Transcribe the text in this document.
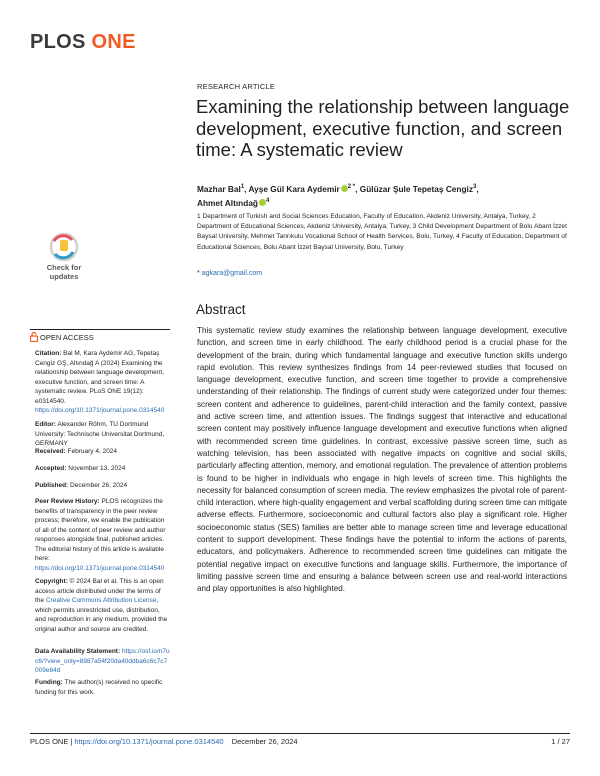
PLOS ONE
RESEARCH ARTICLE
Examining the relationship between language development, executive function, and screen time: A systematic review
Mazhar Bal$^1$, Ayşe Gül Kara Aydemir $^{2 *}$, Gülüzar Şule Tepetaş Cengiz$^3$,
Ahmet Altındağ $^4$
1 Department of Turkish and Social Sciences Education, Faculty of Education, Akdeniz University, Antalya, Turkey, 2 Department of Educational Sciences, Akdeniz University, Antalya, Turkey, 3 Child Development Department of Bolu Abant İzzet Baysal University, Mehmet Tanrıkulu Vocational School of Health Services, Bolu, Turkey, 4 Faculty of Education, Department of Educational Sciences, Bolu Abant İzzet Baysal University, Bolu, Turkey
* agkara@gmail.com
Check for
updates
OPEN ACCESS
Citation: Bal M, Kara Aydemir AG, Tepetaş Cengiz GŞ, Altındağ A (2024) Examining the relationship between language development, executive function, and screen time: A systematic review. PLoS ONE 19(12): e0314540. https://doi.org/10.1371/journal.pone.0314540
Editor: Alexander Röhm, TU Dortmund University: Technische Universitat Dortmund, GERMANY
Received: February 4, 2024
Accepted: November 13, 2024
Published: December 26, 2024
Peer Review History: PLOS recognizes the benefits of transparency in the peer review process; therefore, we enable the publication of all of the content of peer review and author responses alongside final, published articles. The editorial history of this article is available here: https://doi.org/10.1371/journal.pone.0314540
Copyright: © 2024 Bal et al. This is an open access article distributed under the terms of the Creative Commons Attribution License, which permits unrestricted use, distribution, and reproduction in any medium, provided the original author and source are credited.
Data Availability Statement: https://osf.io/n7uc6/?view_only=8987a54f20da40ddba6c6c7c7009e84d
Funding: The author(s) received no specific funding for this work.
Abstract

This systematic review study examines the relationship between language development, executive function, and screen time in early childhood. The early childhood period is a crucial phase for the development of the brain, during which fundamental language and executive function skills undergo rapid evolution. This review synthesizes findings from 14 peer-reviewed studies that focused on language development, executive function, and screen time together to provide a comprehensive understanding of their relationship. The findings of current study were categorized under four themes: screen content and adherence to guidelines, parent-child interaction and the family context, passive and active screen time, and attention issues. The findings suggest that interactive and educational screen content may positively influence language development and executive functions when aligned with recommended screen time guidelines. In contrast, excessive passive screen time, such as watching television, has been associated with negative impacts on cognitive and social skills, particularly affecting attention, memory, and emotional regulation. The prevalence of attention problems is found to be higher in individuals who engage in high levels of screen time. This highlights the necessity for balanced consumption of screen media. The review emphasizes the pivotal role of parent-child interaction, where high-quality engagement and verbal scaffolding during screen time can mitigate adverse effects. Furthermore, socioeconomic and cultural factors also play a significant role. Higher socioeconomic status (SES) families are better able to manage screen time and leverage educational content to support development. These findings have the potential to inform the actions of parents, educators, and policymakers. Adherence to recommended screen time guidelines can mitigate the potential negative impact on executive functions and language skills. Furthermore, the importance of limiting passive screen time and ensuring a balance between screen use and real-world interactions and play opportunities is also highlighted.

PLOS ONE | https://doi.org/10.1371/journal.pone.0314540 December 26, 2024	1 / 27
